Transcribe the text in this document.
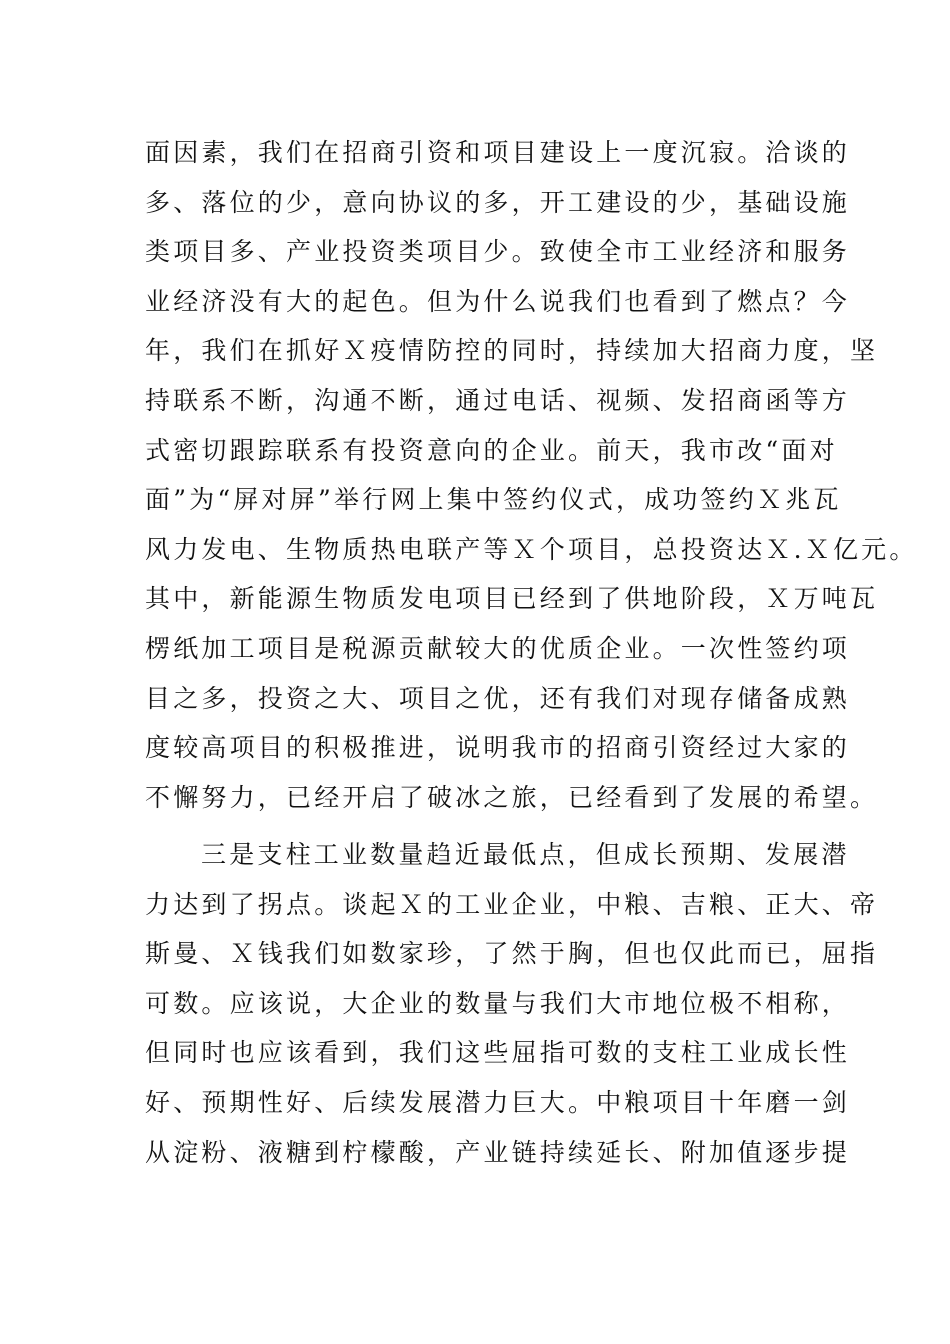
面因素，我们在招商引资和项目建设上一度沉寂。洽谈的
多、落位的少，意向协议的多，开工建设的少，基础设施
类项目多、产业投资类项目少。致使全市工业经济和服务
业经济没有大的起色。但为什么说我们也看到了燃点？今
年，我们在抓好Ｘ疫情防控的同时，持续加大招商力度，坚
持联系不断，沟通不断，通过电话、视频、发招商函等方
式密切跟踪联系有投资意向的企业。前天，我市改“面对
面”为“屏对屏”举行网上集中签约仪式，成功签约Ｘ兆瓦
风力发电、生物质热电联产等Ｘ个项目，总投资达Ｘ.Ｘ亿元。
其中，新能源生物质发电项目已经到了供地阶段，Ｘ万吨瓦
楞纸加工项目是税源贡献较大的优质企业。一次性签约项
目之多，投资之大、项目之优，还有我们对现存储备成熟
度较高项目的积极推进，说明我市的招商引资经过大家的
不懈努力，已经开启了破冰之旅，已经看到了发展的希望。
三是支柱工业数量趋近最低点，但成长预期、发展潜
力达到了拐点。谈起Ｘ的工业企业，中粮、吉粮、正大、帝
斯曼、Ｘ钱我们如数家珍，了然于胸，但也仅此而已，屈指
可数。应该说，大企业的数量与我们大市地位极不相称，
但同时也应该看到，我们这些屈指可数的支柱工业成长性
好、预期性好、后续发展潜力巨大。中粮项目十年磨一剑
从淀粉、液糖到柠檬酸，产业链持续延长、附加值逐步提
